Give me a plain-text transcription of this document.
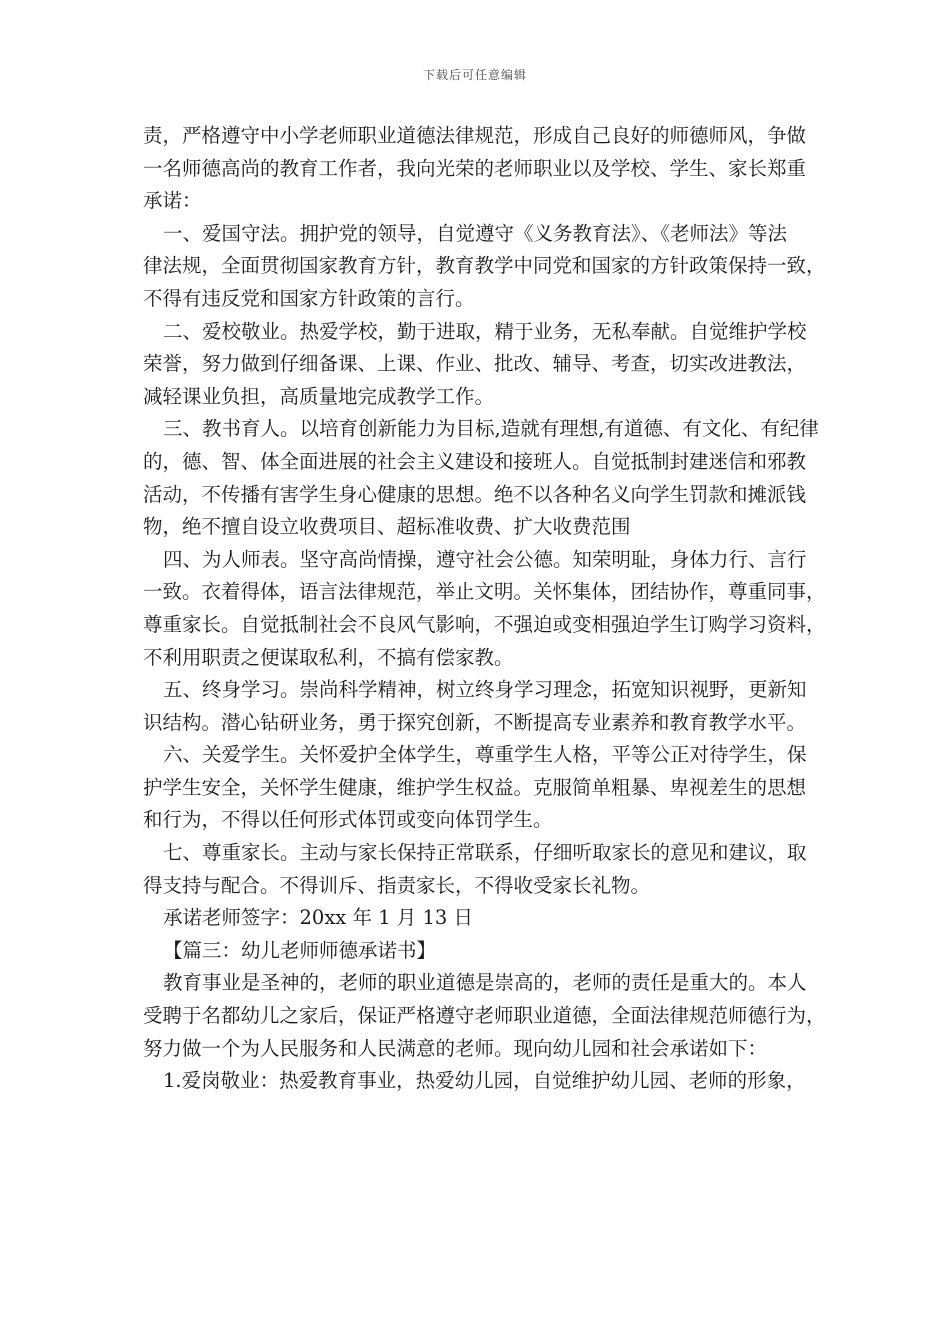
下载后可任意编辑
责，严格遵守中小学老师职业道德法律规范，形成自己良好的师德师风，争做
一名师德高尚的教育工作者，我向光荣的老师职业以及学校、学生、家长郑重
承诺：
一、爱国守法。拥护党的领导，自觉遵守《义务教育法》、《老师法》等法
律法规，全面贯彻国家教育方针，教育教学中同党和国家的方针政策保持一致，
不得有违反党和国家方针政策的言行。
二、爱校敬业。热爱学校，勤于进取，精于业务，无私奉献。自觉维护学校
荣誉，努力做到仔细备课、上课、作业、批改、辅导、考查，切实改进教法，
减轻课业负担，高质量地完成教学工作。
三、教书育人。以培育创新能力为目标,造就有理想,有道德、有文化、有纪律
的，德、智、体全面进展的社会主义建设和接班人。自觉抵制封建迷信和邪教
活动，不传播有害学生身心健康的思想。绝不以各种名义向学生罚款和摊派钱
物，绝不擅自设立收费项目、超标准收费、扩大收费范围
四、为人师表。坚守高尚情操，遵守社会公德。知荣明耻，身体力行、言行
一致。衣着得体，语言法律规范，举止文明。关怀集体，团结协作，尊重同事，
尊重家长。自觉抵制社会不良风气影响，不强迫或变相强迫学生订购学习资料，
不利用职责之便谋取私利，不搞有偿家教。
五、终身学习。崇尚科学精神，树立终身学习理念，拓宽知识视野，更新知
识结构。潜心钻研业务，勇于探究创新，不断提高专业素养和教育教学水平。
六、关爱学生。关怀爱护全体学生，尊重学生人格，平等公正对待学生，保
护学生安全，关怀学生健康，维护学生权益。克服简单粗暴、卑视差生的思想
和行为，不得以任何形式体罚或变向体罚学生。
七、尊重家长。主动与家长保持正常联系，仔细听取家长的意见和建议，取
得支持与配合。不得训斥、指责家长，不得收受家长礼物。
承诺老师签字：20xx 年 1 月 13 日
【篇三：幼儿老师师德承诺书】
教育事业是圣神的，老师的职业道德是崇高的，老师的责任是重大的。本人
受聘于名都幼儿之家后，保证严格遵守老师职业道德，全面法律规范师德行为，
努力做一个为人民服务和人民满意的老师。现向幼儿园和社会承诺如下：
1.爱岗敬业：热爱教育事业，热爱幼儿园，自觉维护幼儿园、老师的形象，
